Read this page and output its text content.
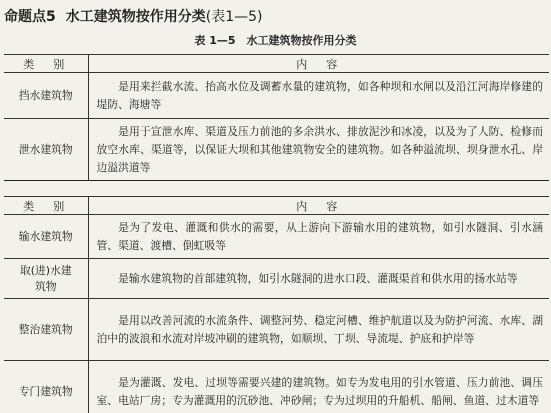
命题点5 水工建筑物按作用分类(表1—5)
表 1—5　水工建筑物按作用分类
类　别	内　容
挡水建筑物	是用来拦截水流、抬高水位及调蓄水量的建筑物，如各种坝和水闸以及沿江河海岸修建的堤防、海塘等
泄水建筑物	是用于宣泄水库、渠道及压力前池的多余洪水、排放泥沙和冰凌，以及为了人防、检修而放空水库、渠道等，以保证大坝和其他建筑物安全的建筑物。如各种溢流坝、坝身泄水孔、岸边溢洪道等
类　别	内　容
输水建筑物	是为了发电、灌溉和供水的需要，从上游向下游输水用的建筑物，如引水隧洞、引水涵管、渠道、渡槽、倒虹吸等
取(进)水建筑物	是输水建筑物的首部建筑物，如引水隧洞的进水口段、灌溉渠首和供水用的扬水站等
整治建筑物	是用以改善河流的水流条件、调整河势、稳定河槽、维护航道以及为防护河流、水库、湖泊中的波浪和水流对岸坡冲刷的建筑物，如顺坝、丁坝、导流堤、护底和护岸等
专门建筑物	是为灌溉、发电、过坝等需要兴建的建筑物。如专为发电用的引水管道、压力前池、调压室、电站厂房；专为灌溉用的沉砂池、冲砂闸；专为过坝用的升船机、船闸、鱼道、过木道等
